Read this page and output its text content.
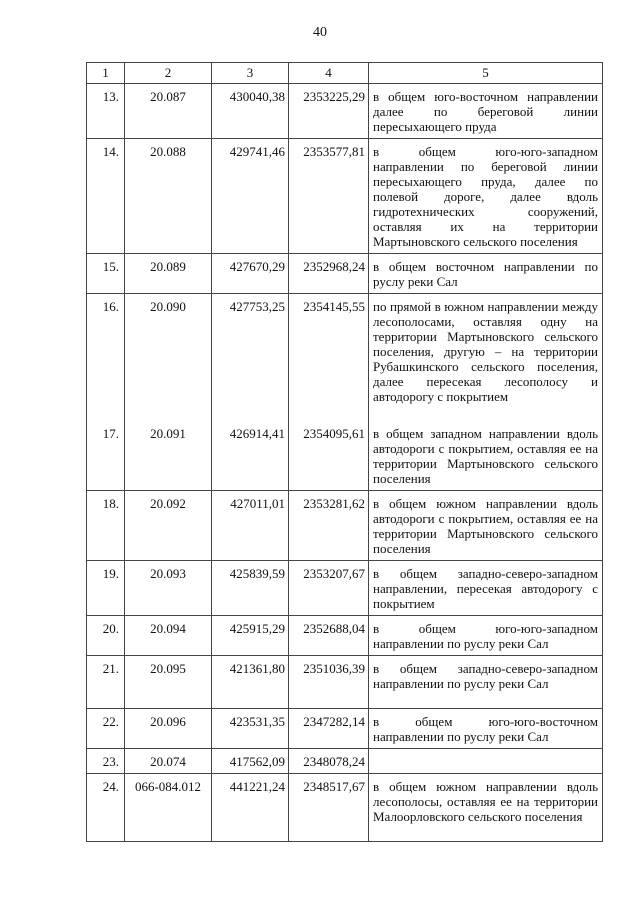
40
1	2	3	4	5
13.	20.087	430040,38	2353225,29	в общем юго-восточном направлении далее по береговой линии пересыхающего пруда
14.	20.088	429741,46	2353577,81	в общем юго-юго-западном направлении по береговой линии пересыхающего пруда, далее по полевой дороге, далее вдоль гидротехнических сооружений, оставляя их на территории Мартыновского сельского поселения
15.	20.089	427670,29	2352968,24	в общем восточном направлении по руслу реки Сал
16.	20.090	427753,25	2354145,55	по прямой в южном направлении между лесополосами, оставляя одну на территории Мартыновского сельского поселения, другую – на территории Рубашкинского сельского поселения, далее пересекая лесополосу и автодорогу с покрытием
17.	20.091	426914,41	2354095,61	в общем западном направлении вдоль автодороги с покрытием, оставляя ее на территории Мартыновского сельского поселения
18.	20.092	427011,01	2353281,62	в общем южном направлении вдоль автодороги с покрытием, оставляя ее на территории Мартыновского сельского поселения
19.	20.093	425839,59	2353207,67	в общем западно-северо-западном направлении, пересекая автодорогу с покрытием
20.	20.094	425915,29	2352688,04	в общем юго-юго-западном направлении по руслу реки Сал
21.	20.095	421361,80	2351036,39	в общем западно-северо-западном направлении по руслу реки Сал
22.	20.096	423531,35	2347282,14	в общем юго-юго-восточном направлении по руслу реки Сал
23.	20.074	417562,09	2348078,24	
24.	066-084.012	441221,24	2348517,67	в общем южном направлении вдоль лесополосы, оставляя ее на территории Малоорловского сельского поселения
